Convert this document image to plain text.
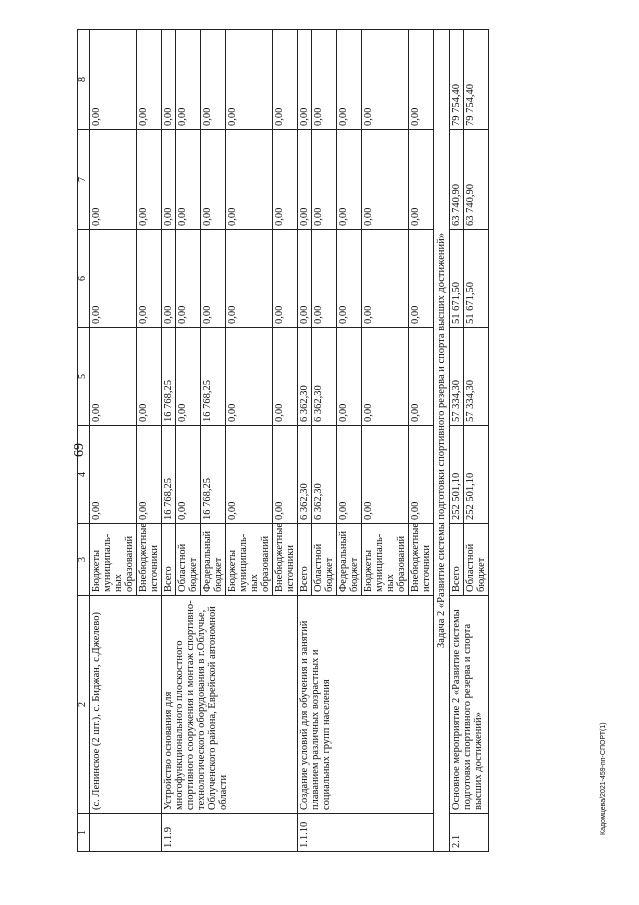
69
Кадомцева/2021-459-пп-СПОРТ(1)
1	2	3	4	5	6	7	8
	(с. Ленинское (2 шт.), с. Биджан, с.Джелево)	Бюджеты муниципаль-ных образований	0,00	0,00	0,00	0,00	0,00
		Внебюджетные источники	0,00	0,00	0,00	0,00	0,00
1.1.9	Устройство основания для многофункционального плоскостного спортивного сооружения и монтаж спортивно-технологического оборудования в г.Облучье, Облученского района, Еврейской автономной области	Всего	16 768,25	16 768,25	0,00	0,00	0,00
		Областной бюджет	0,00	0,00	0,00	0,00	0,00
		Федеральный бюджет	16 768,25	16 768,25	0,00	0,00	0,00
		Бюджеты муниципаль-ных образований	0,00	0,00	0,00	0,00	0,00
		Внебюджетные источники	0,00	0,00	0,00	0,00	0,00
1.1.10	Создание условий для обучения и занятий плаванием различных возрастных и социальных групп населения	Всего	6 362,30	6 362,30	0,00	0,00	0,00
		Областной бюджет	6 362,30	6 362,30	0,00	0,00	0,00
		Федеральный бюджет	0,00	0,00	0,00	0,00	0,00
		Бюджеты муниципаль-ных образований	0,00	0,00	0,00	0,00	0,00
		Внебюджетные источники	0,00	0,00	0,00	0,00	0,00
Задача 2 «Развитие системы подготовки спортивного резерва и спорта высших достижений»							
2.1	Основное мероприятие 2 «Развитие системы подготовки спортивного резерва и спорта высших достижений»	Всего	252 501,10	57 334,30	51 671,50	63 740,90	79 754,40
		Областной бюджет	252 501,10	57 334,30	51 671,50	63 740,90	79 754,40
